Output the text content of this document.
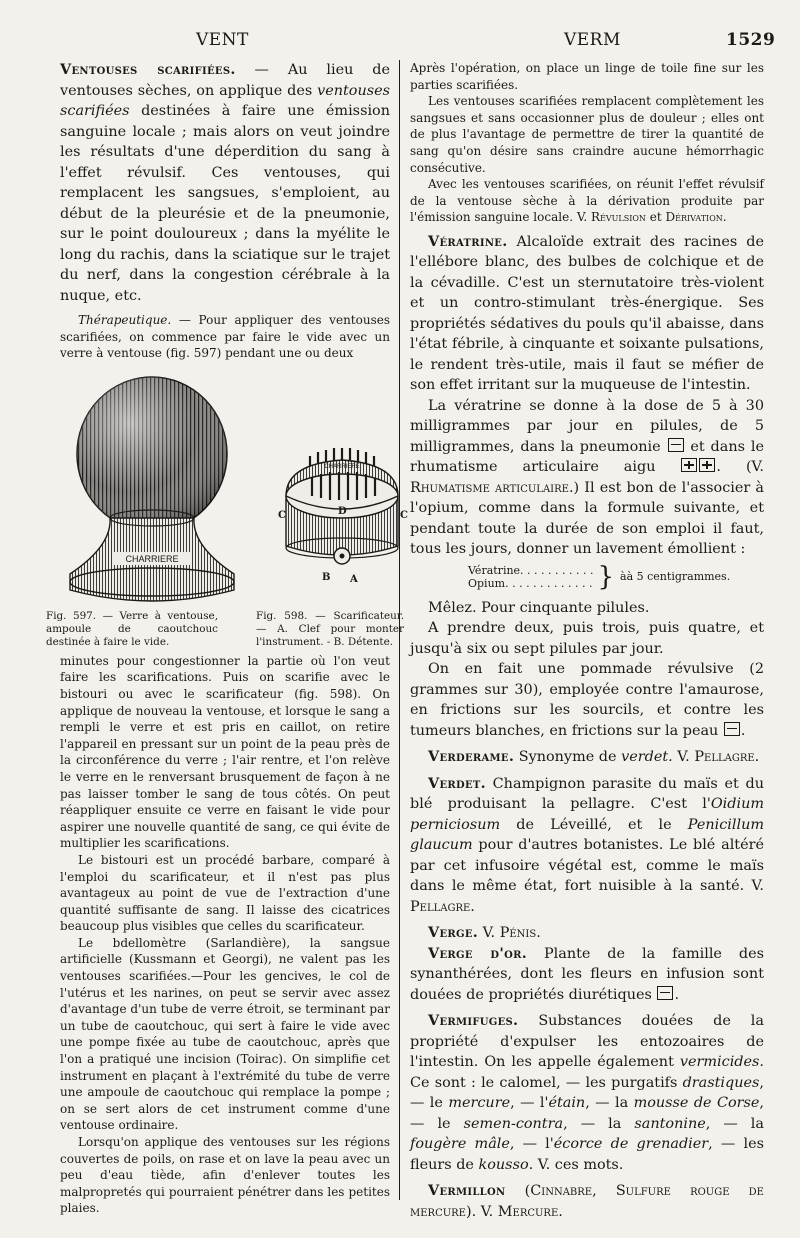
VENT	VERM	1529

Ventouses scarifiées. — Au lieu de ventouses sèches, on applique des ventouses scarifiées destinées à faire une émission sanguine locale ; mais alors on veut joindre les résultats d'une déperdition du sang à l'effet révulsif. Ces ventouses, qui remplacent les sangsues, s'emploient, au début de la pleurésie et de la pneumonie, sur le point douloureux ; dans la myélite le long du rachis, dans la sciatique sur le trajet du nerf, dans la congestion cérébrale à la nuque, etc.

Thérapeutique. — Pour appliquer des ventouses scarifiées, on commence par faire le vide avec un verre à ventouse (fig. 597) pendant une ou deux

CHARRIERE
CHARRIERE
C	C
D
B A

Fig. 597. — Verre à ventouse, ampoule de caoutchouc destinée à faire le vide.

Fig. 598. — Scarificateur. — A. Clef pour monter l'instrument. - B. Détente.

minutes pour congestionner la partie où l'on veut faire les scarifications. Puis on scarifie avec le bistouri ou avec le scarificateur (fig. 598). On applique de nouveau la ventouse, et lorsque le sang a rempli le verre et est pris en caillot, on retire l'appareil en pressant sur un point de la peau près de la circonférence du verre ; l'air rentre, et l'on relève le verre en le renversant brusquement de façon à ne pas laisser tomber le sang de tous côtés. On peut réappliquer ensuite ce verre en faisant le vide pour aspirer une nouvelle quantité de sang, ce qui évite de multiplier les scarifications.

Le bistouri est un procédé barbare, comparé à l'emploi du scarificateur, et il n'est pas plus avantageux au point de vue de l'extraction d'une quantité suffisante de sang. Il laisse des cicatrices beaucoup plus visibles que celles du scarificateur.

Le bdellomètre (Sarlandière), la sangsue artificielle (Kussmann et Georgi), ne valent pas les ventouses scarifiées.—Pour les gencives, le col de l'utérus et les narines, on peut se servir avec assez d'avantage d'un tube de verre étroit, se terminant par un tube de caoutchouc, qui sert à faire le vide avec une pompe fixée au tube de caoutchouc, après que l'on a pratiqué une incision (Toirac). On simplifie cet instrument en plaçant à l'extrémité du tube de verre une ampoule de caoutchouc qui remplace la pompe ; on se sert alors de cet instrument comme d'une ventouse ordinaire.

Lorsqu'on applique des ventouses sur les régions couvertes de poils, on rase et on lave la peau avec un peu d'eau tiède, afin d'enlever toutes les malpropretés qui pourraient pénétrer dans les petites plaies.

Après l'opération, on place un linge de toile fine sur les parties scarifiées.

Les ventouses scarifiées remplacent complètement les sangsues et sans occasionner plus de douleur ; elles ont de plus l'avantage de permettre de tirer la quantité de sang qu'on désire sans craindre aucune hémorrhagic consécutive.

Avec les ventouses scarifiées, on réunit l'effet révulsif de la ventouse sèche à la dérivation produite par l'émission sanguine locale. V. Révulsion et Dérivation.

Vératrine. Alcaloïde extrait des racines de l'ellébore blanc, des bulbes de colchique et de la cévadille. C'est un sternutatoire très-violent et un contro-stimulant très-énergique. Ses propriétés sédatives du pouls qu'il abaisse, dans l'état fébrile, à cinquante et soixante pulsations, le rendent très-utile, mais il faut se méfier de son effet irritant sur la muqueuse de l'intestin.

La vératrine se donne à la dose de 5 à 30 milligrammes par jour en pilules, de 5 milligrammes, dans la pneumonie  et dans le rhumatisme articulaire aigu	. (V. Rhumatisme articulaire.) Il est bon de l'associer à l'opium, comme dans la formule suivante, et pendant toute la durée de son emploi il faut, tous les jours, donner un lavement émollient :

Vératrine. . . . . . . . . . .
Opium. . . . . . . . . . . . . } àà 5 centigrammes.

Mêlez. Pour cinquante pilules.

A prendre deux, puis trois, puis quatre, et jusqu'à six ou sept pilules par jour.

On en fait une pommade révulsive (2 grammes sur 30), employée contre l'amaurose, en frictions sur les sourcils, et contre les tumeurs blanches, en frictions sur la peau .

Verderame. Synonyme de verdet. V. Pellagre.

Verdet. Champignon parasite du maïs et du blé produisant la pellagre. C'est l'Oidium perniciosum de Léveillé, et le Penicillum glaucum pour d'autres botanistes. Le blé altéré par cet infusoire végétal est, comme le maïs dans le même état, fort nuisible à la santé. V. Pellagre.

Verge. V. Pénis.

Verge d'or. Plante de la famille des synanthérées, dont les fleurs en infusion sont douées de propriétés diurétiques .

Vermifuges. Substances douées de la propriété d'expulser les entozoaires de l'intestin. On les appelle également vermicides. Ce sont : le calomel, — les purgatifs drastiques, — le mercure, — l'étain, — la mousse de Corse, — le semen-contra, — la santonine, — la fougère mâle, — l'écorce de grenadier, — les fleurs de kousso. V. ces mots.

Vermillon (Cinnabre, Sulfure rouge de mercure). V. Mercure.
